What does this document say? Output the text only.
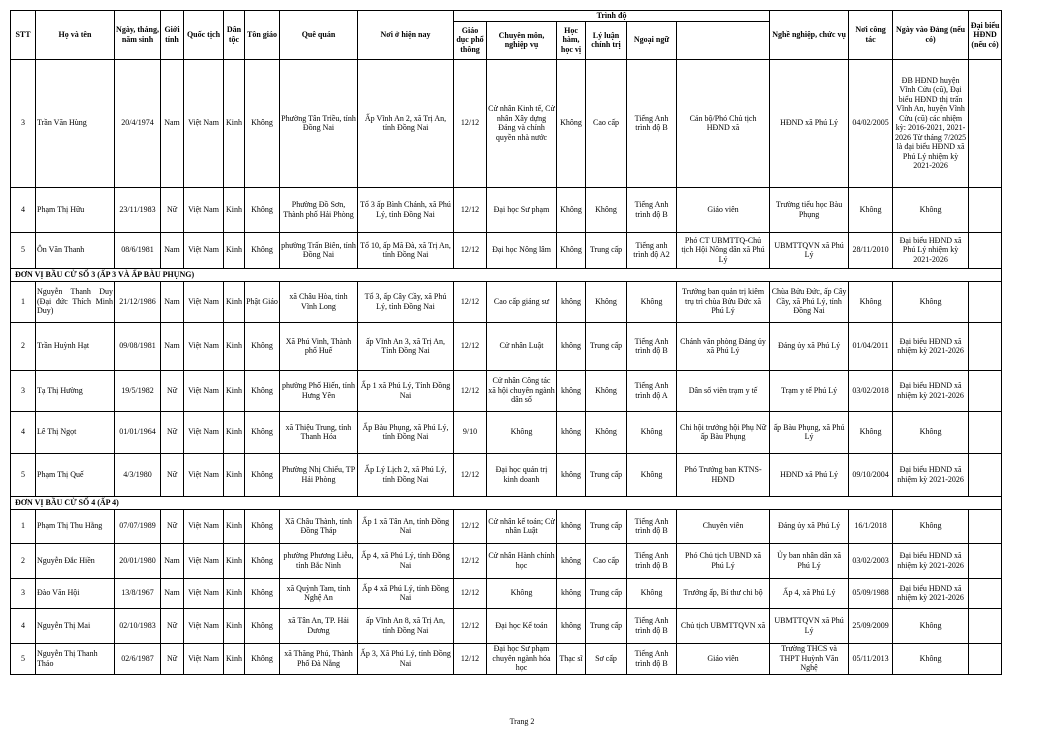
STT	Họ và tên	Ngày, tháng, năm sinh	Giới tính	Quốc tịch	Dân tộc	Tôn giáo	Quê quán	Nơi ở hiện nay	Trình độ						Nghề nghiệp, chức vụ	Nơi công tác	Ngày vào Đảng (nếu có)	Đại biểu HĐND (nếu có)	
									Giáo dục phổ thông	Chuyên môn, nghiệp vụ	Học hàm, học vị	Lý luận chính trị	Ngoại ngữ						
3	Trần Văn Hùng	20/4/1974	Nam	Việt Nam	Kinh	Không	Phường Tân Triều, tỉnh Đồng Nai	Ấp Vĩnh An 2, xã Trị An, tỉnh Đồng Nai	12/12	Cử nhân Kinh tế, Cử nhân Xây dựng Đảng và chính quyền nhà nước	Không	Cao cấp	Tiếng Anh trình độ B	Cán bộ/Phó Chủ tịch HĐND xã	HĐND xã Phú Lý	04/02/2005	ĐB HĐND huyện Vĩnh Cửu (cũ), Đại biểu HĐND thị trấn Vĩnh An, huyện Vĩnh Cửu (cũ) các nhiệm kỳ: 2016-2021, 2021-2026 Từ tháng 7/2025 là đại biểu HĐND xã Phú Lý nhiệm kỳ 2021-2026		
4	Phạm Thị Hữu	23/11/1983	Nữ	Việt Nam	Kinh	Không	Phường Đồ Sơn, Thành phố Hải Phòng	Tổ 3 ấp Bình Chánh, xã Phú Lý, tỉnh Đồng Nai	12/12	Đại học Sư phạm	Không	Không	Tiếng Anh trình độ B	Giáo viên	Trường tiểu học Bàu Phụng	Không	Không		
5	Ôn Văn Thanh	08/6/1981	Nam	Việt Nam	Kinh	Không	phường Trấn Biên, tỉnh Đồng Nai	Tổ 10, ấp Mã Đà, xã Trị An, tỉnh Đồng Nai	12/12	Đại học Nông lâm	Không	Trung cấp	Tiếng anh trình độ A2	Phó CT UBMTTQ-Chủ tịch Hội Nông dân xã Phú Lý	UBMTTQVN xã Phú Lý	28/11/2010	Đại biểu HĐND xã Phú Lý nhiệm kỳ 2021-2026		
ĐƠN VỊ BẦU CỬ SỐ 3 (ẤP 3 VÀ ẤP BÀU PHỤNG)																			
1	Nguyễn Thanh Duy (Đại đức Thích Minh Duy)	21/12/1986	Nam	Việt Nam	Kinh	Phật Giáo	xã Châu Hòa, tỉnh Vĩnh Long	Tổ 3, ấp Cây Cầy, xã Phú Lý, tỉnh Đồng Nai	12/12	Cao cấp giảng sư	không	Không	Không	Trưởng ban quản trị kiêm trụ trì chùa Bửu Đức xã Phú Lý	Chùa Bửu Đức, ấp Cây Cầy, xã Phú Lý, tỉnh Đồng Nai	Không	Không		
2	Trần Huỳnh Hạt	09/08/1981	Nam	Việt Nam	Kinh	Không	Xã Phú Vinh, Thành phố Huế	ấp Vĩnh An 3, xã Trị An, Tỉnh Đồng Nai	12/12	Cử nhân Luật	không	Trung cấp	Tiếng Anh trình độ B	Chánh văn phòng Đảng ủy xã Phú Lý	Đảng ủy xã Phú Lý	01/04/2011	Đại biểu HĐND xã nhiệm kỳ 2021-2026		
3	Tạ Thị Hường	19/5/1982	Nữ	Việt Nam	Kinh	Không	phường Phố Hiến, tỉnh Hưng Yên	Ấp 1 xã Phú Lý, Tỉnh Đồng Nai	12/12	Cử nhân Công tác xã hội chuyên ngành dân số	không	Không	Tiếng Anh trình độ A	Dân số viên trạm y tế	Trạm y tế Phú Lý	03/02/2018	Đại biểu HĐND xã nhiệm kỳ 2021-2026		
4	Lê Thị Ngọt	01/01/1964	Nữ	Việt Nam	Kinh	Không	xã Thiệu Trung, tỉnh Thanh Hóa	Ấp Bàu Phụng, xã Phú Lý, tỉnh Đồng Nai	9/10	Không	không	Không	Không	Chi hội trưởng hội Phụ Nữ ấp Bàu Phụng	ấp Bàu Phụng, xã Phú Lý	Không	Không		
5	Phạm Thị Quế	4/3/1980	Nữ	Việt Nam	Kinh	Không	Phường Nhị Chiểu, TP Hải Phòng	Ấp Lý Lịch 2, xã Phú Lý, tỉnh Đồng Nai	12/12	Đại học quản trị kinh doanh	không	Trung cấp	Không	Phó Trưởng ban KTNS-HĐND	HĐND xã Phú Lý	09/10/2004	Đại biểu HĐND xã nhiệm kỳ 2021-2026		
ĐƠN VỊ BẦU CỬ SỐ 4 (ẤP 4)																			
1	Phạm Thị Thu Hằng	07/07/1989	Nữ	Việt Nam	Kinh	Không	Xã Châu Thành, tỉnh Đồng Tháp	Ấp 1 xã Tân An, tỉnh Đồng Nai	12/12	Cử nhân kế toán; Cử nhân Luật	không	Trung cấp	Tiếng Anh trình độ B	Chuyên viên	Đảng ủy xã Phú Lý	16/1/2018	Không		
2	Nguyễn Đắc Hiền	20/01/1980	Nam	Việt Nam	Kinh	Không	phường Phương Liễu, tỉnh Bắc Ninh	Ấp 4, xã Phú Lý, tỉnh Đồng Nai	12/12	Cử nhân Hành chính học	không	Cao cấp	Tiếng Anh trình độ B	Phó Chủ tịch UBND xã Phú Lý	Ủy ban nhân dân xã Phú Lý	03/02/2003	Đại biểu HĐND xã nhiệm kỳ 2021-2026		
3	Đào Văn Hội	13/8/1967	Nam	Việt Nam	Kinh	Không	xã Quỳnh Tam, tỉnh Nghệ An	Ấp 4 xã Phú Lý, tỉnh Đồng Nai	12/12	Không	không	Trung cấp	Không	Trưởng ấp, Bí thư chi bộ	Ấp 4, xã Phú Lý	05/09/1988	Đại biểu HĐND xã nhiệm kỳ 2021-2026		
4	Nguyễn Thị Mai	02/10/1983	Nữ	Việt Nam	Kinh	Không	xã Tân An, TP. Hải Dương	ấp Vĩnh An 8, xã Trị An, tỉnh Đồng Nai	12/12	Đại học Kế toán	không	Trung cấp	Tiếng Anh trình độ B	Chủ tịch UBMTTQVN xã	UBMTTQVN xã Phú Lý	25/09/2009	Không		
5	Nguyễn Thị Thanh Thảo	02/6/1987	Nữ	Việt Nam	Kinh	Không	xã Thăng Phú, Thành Phố Đà Nẵng	Ấp 3, Xã Phú Lý, tỉnh Đồng Nai	12/12	Đại học Sư phạm chuyên ngành hóa học	Thạc sĩ	Sơ cấp	Tiếng Anh trình độ B	Giáo viên	Trường THCS và THPT Huỳnh Văn Nghệ	05/11/2013	Không		
Trang 2
